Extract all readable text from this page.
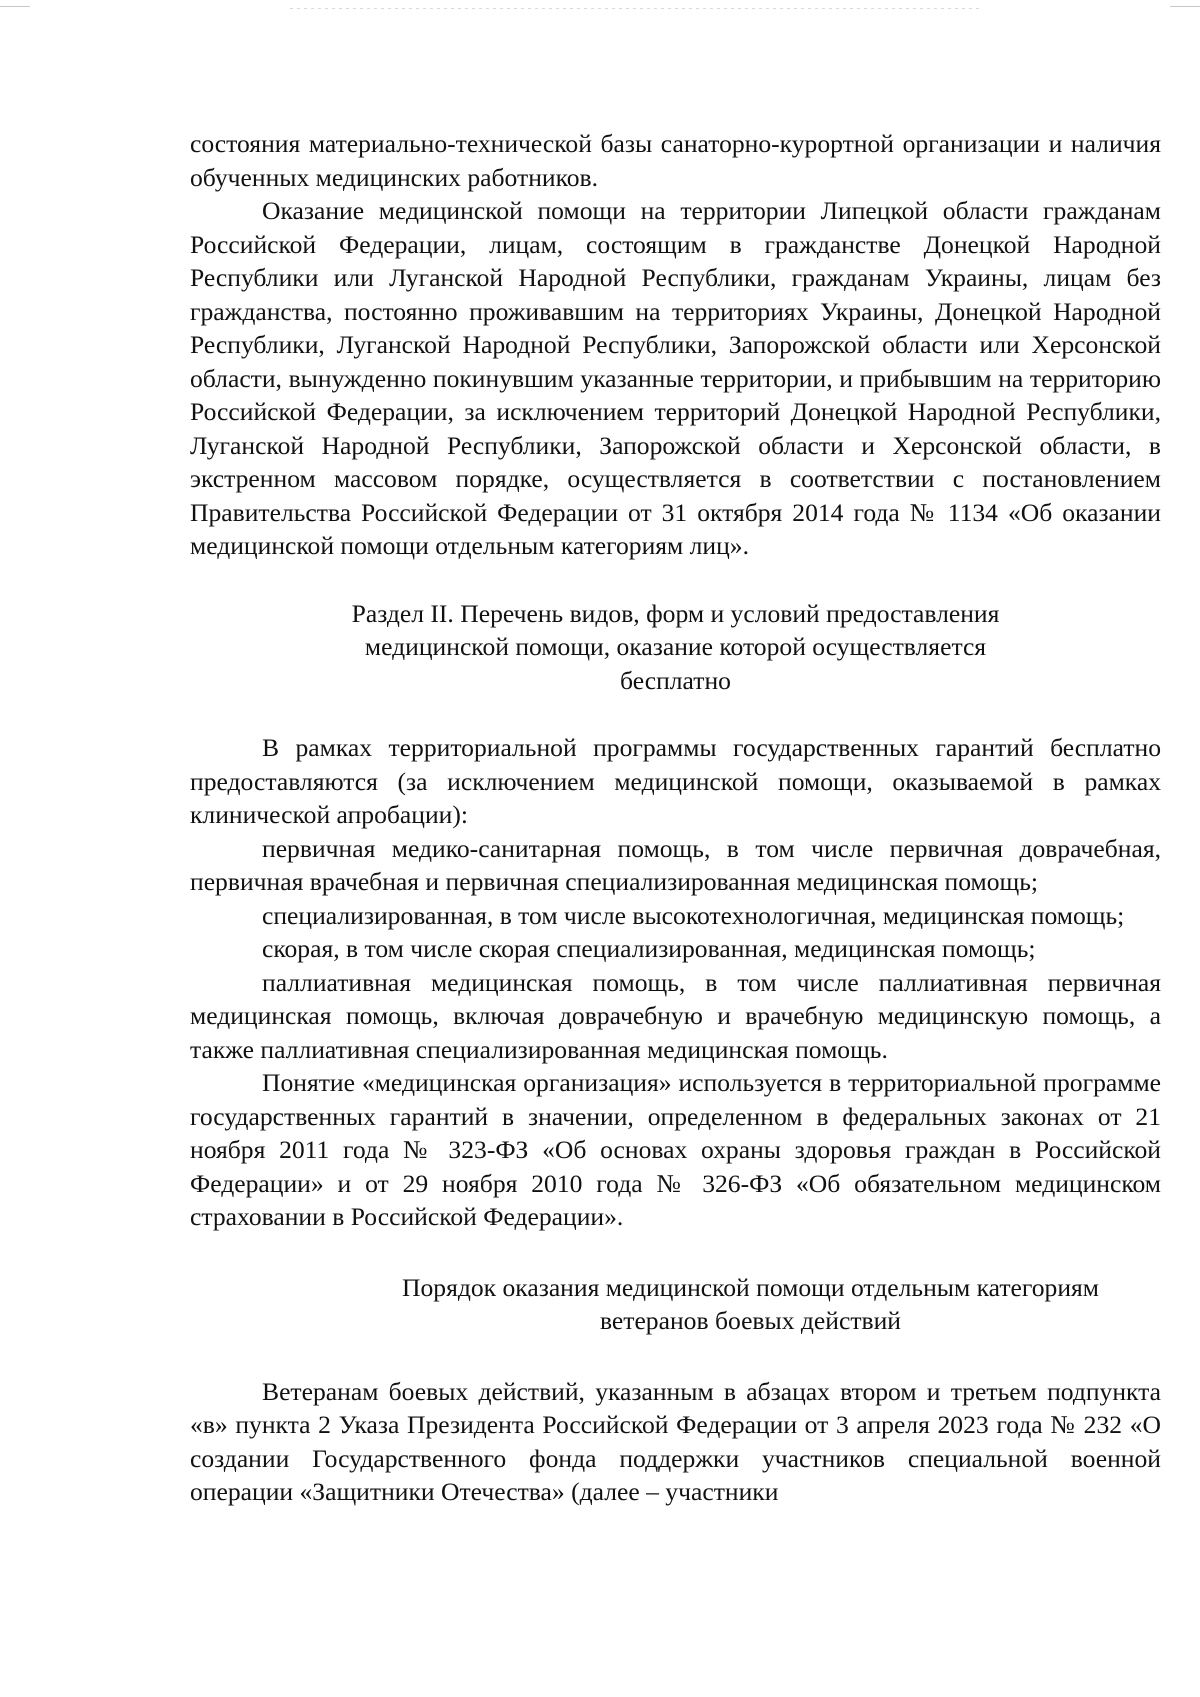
состояния материально-технической базы санаторно-курортной организации и наличия обученных медицинских работников.

Оказание медицинской помощи на территории Липецкой области гражданам Российской Федерации, лицам, состоящим в гражданстве Донецкой Народной Республики или Луганской Народной Республики, гражданам Украины, лицам без гражданства, постоянно проживавшим на территориях Украины, Донецкой Народной Республики, Луганской Народной Республики, Запорожской области или Херсонской области, вынужденно покинувшим указанные территории, и прибывшим на территорию Российской Федерации, за исключением территорий Донецкой Народной Республики, Луганской Народной Республики, Запорожской области и Херсонской области, в экстренном массовом порядке, осуществляется в соответствии с постановлением Правительства Российской Федерации от 31 октября 2014 года № 1134 «Об оказании медицинской помощи отдельным категориям лиц».

Раздел II. Перечень видов, форм и условий предоставления
медицинской помощи, оказание которой осуществляется
бесплатно

В рамках территориальной программы государственных гарантий бесплатно предоставляются (за исключением медицинской помощи, оказываемой в рамках клинической апробации):

первичная медико-санитарная помощь, в том числе первичная доврачебная, первичная врачебная и первичная специализированная медицинская помощь;

специализированная, в том числе высокотехнологичная, медицинская помощь;

скорая, в том числе скорая специализированная, медицинская помощь;

паллиативная медицинская помощь, в том числе паллиативная первичная медицинская помощь, включая доврачебную и врачебную медицинскую помощь, а также паллиативная специализированная медицинская помощь.

Понятие «медицинская организация» используется в территориальной программе государственных гарантий в значении, определенном в федеральных законах от 21 ноября 2011 года № 323-ФЗ «Об основах охраны здоровья граждан в Российской Федерации» и от 29 ноября 2010 года № 326-ФЗ «Об обязательном медицинском страховании в Российской Федерации».

Порядок оказания медицинской помощи отдельным категориям
ветеранов боевых действий

Ветеранам боевых действий, указанным в абзацах втором и третьем подпункта «в» пункта 2 Указа Президента Российской Федерации от 3 апреля 2023 года № 232 «О создании Государственного фонда поддержки участников специальной военной операции «Защитники Отечества» (далее – участники
